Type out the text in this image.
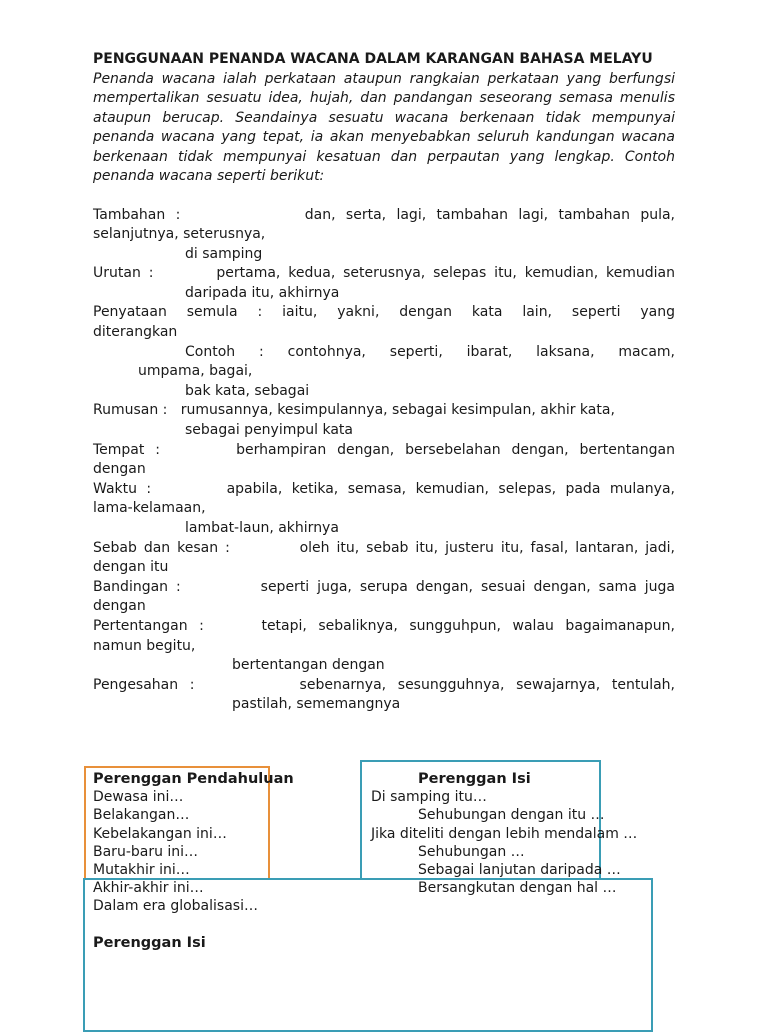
PENGGUNAAN PENANDA WACANA DALAM KARANGAN BAHASA MELAYU

Penanda wacana ialah perkataan ataupun rangkaian perkataan yang berfungsi mempertalikan sesuatu idea, hujah, dan pandangan seseorang semasa menulis ataupun berucap. Seandainya sesuatu wacana berkenaan tidak mempunyai penanda wacana yang tepat, ia akan menyebabkan seluruh kandungan wacana berkenaan tidak mempunyai kesatuan dan perpautan yang lengkap. Contoh penanda wacana seperti berikut:

Tambahan :            dan, serta, lagi, tambahan lagi, tambahan pula,
selanjutnya, seterusnya,
di samping
Urutan :        pertama, kedua, seterusnya, selepas itu, kemudian, kemudian
daripada itu, akhirnya
Penyataan semula : iaitu, yakni, dengan kata lain, seperti yang
diterangkan
Contoh : contohnya, seperti, ibarat, laksana, macam,
umpama, bagai,
bak kata, sebagai
Rumusan :   rumusannya, kesimpulannya, sebagai kesimpulan, akhir kata,
sebagai penyimpul kata
Tempat :       berhampiran dengan, bersebelahan dengan, bertentangan
dengan
Waktu :        apabila, ketika, semasa, kemudian, selepas, pada mulanya,
lama-kelamaan,
lambat-laun, akhirnya
Sebab dan kesan :          oleh itu, sebab itu, justeru itu, fasal, lantaran, jadi,
dengan itu
Bandingan :          seperti juga, serupa dengan, sesuai dengan, sama juga
dengan
Pertentangan :     tetapi, sebaliknya, sungguhpun, walau bagaimanapun,
namun begitu,
bertentangan dengan
Pengesahan :         sebenarnya, sesungguhnya, sewajarnya, tentulah,
pastilah, sememangnya
Perenggan Pendahuluan
Dewasa ini…
Belakangan…
Kebelakangan ini…
Baru-baru ini…
Mutakhir ini…
Akhir-akhir ini…
Dalam era globalisasi…
Perenggan Isi
Perenggan Isi
Di samping itu…
Sehubungan dengan itu …
Jika diteliti dengan lebih mendalam …
Sehubungan …
Sebagai lanjutan daripada …
Bersangkutan dengan hal …
